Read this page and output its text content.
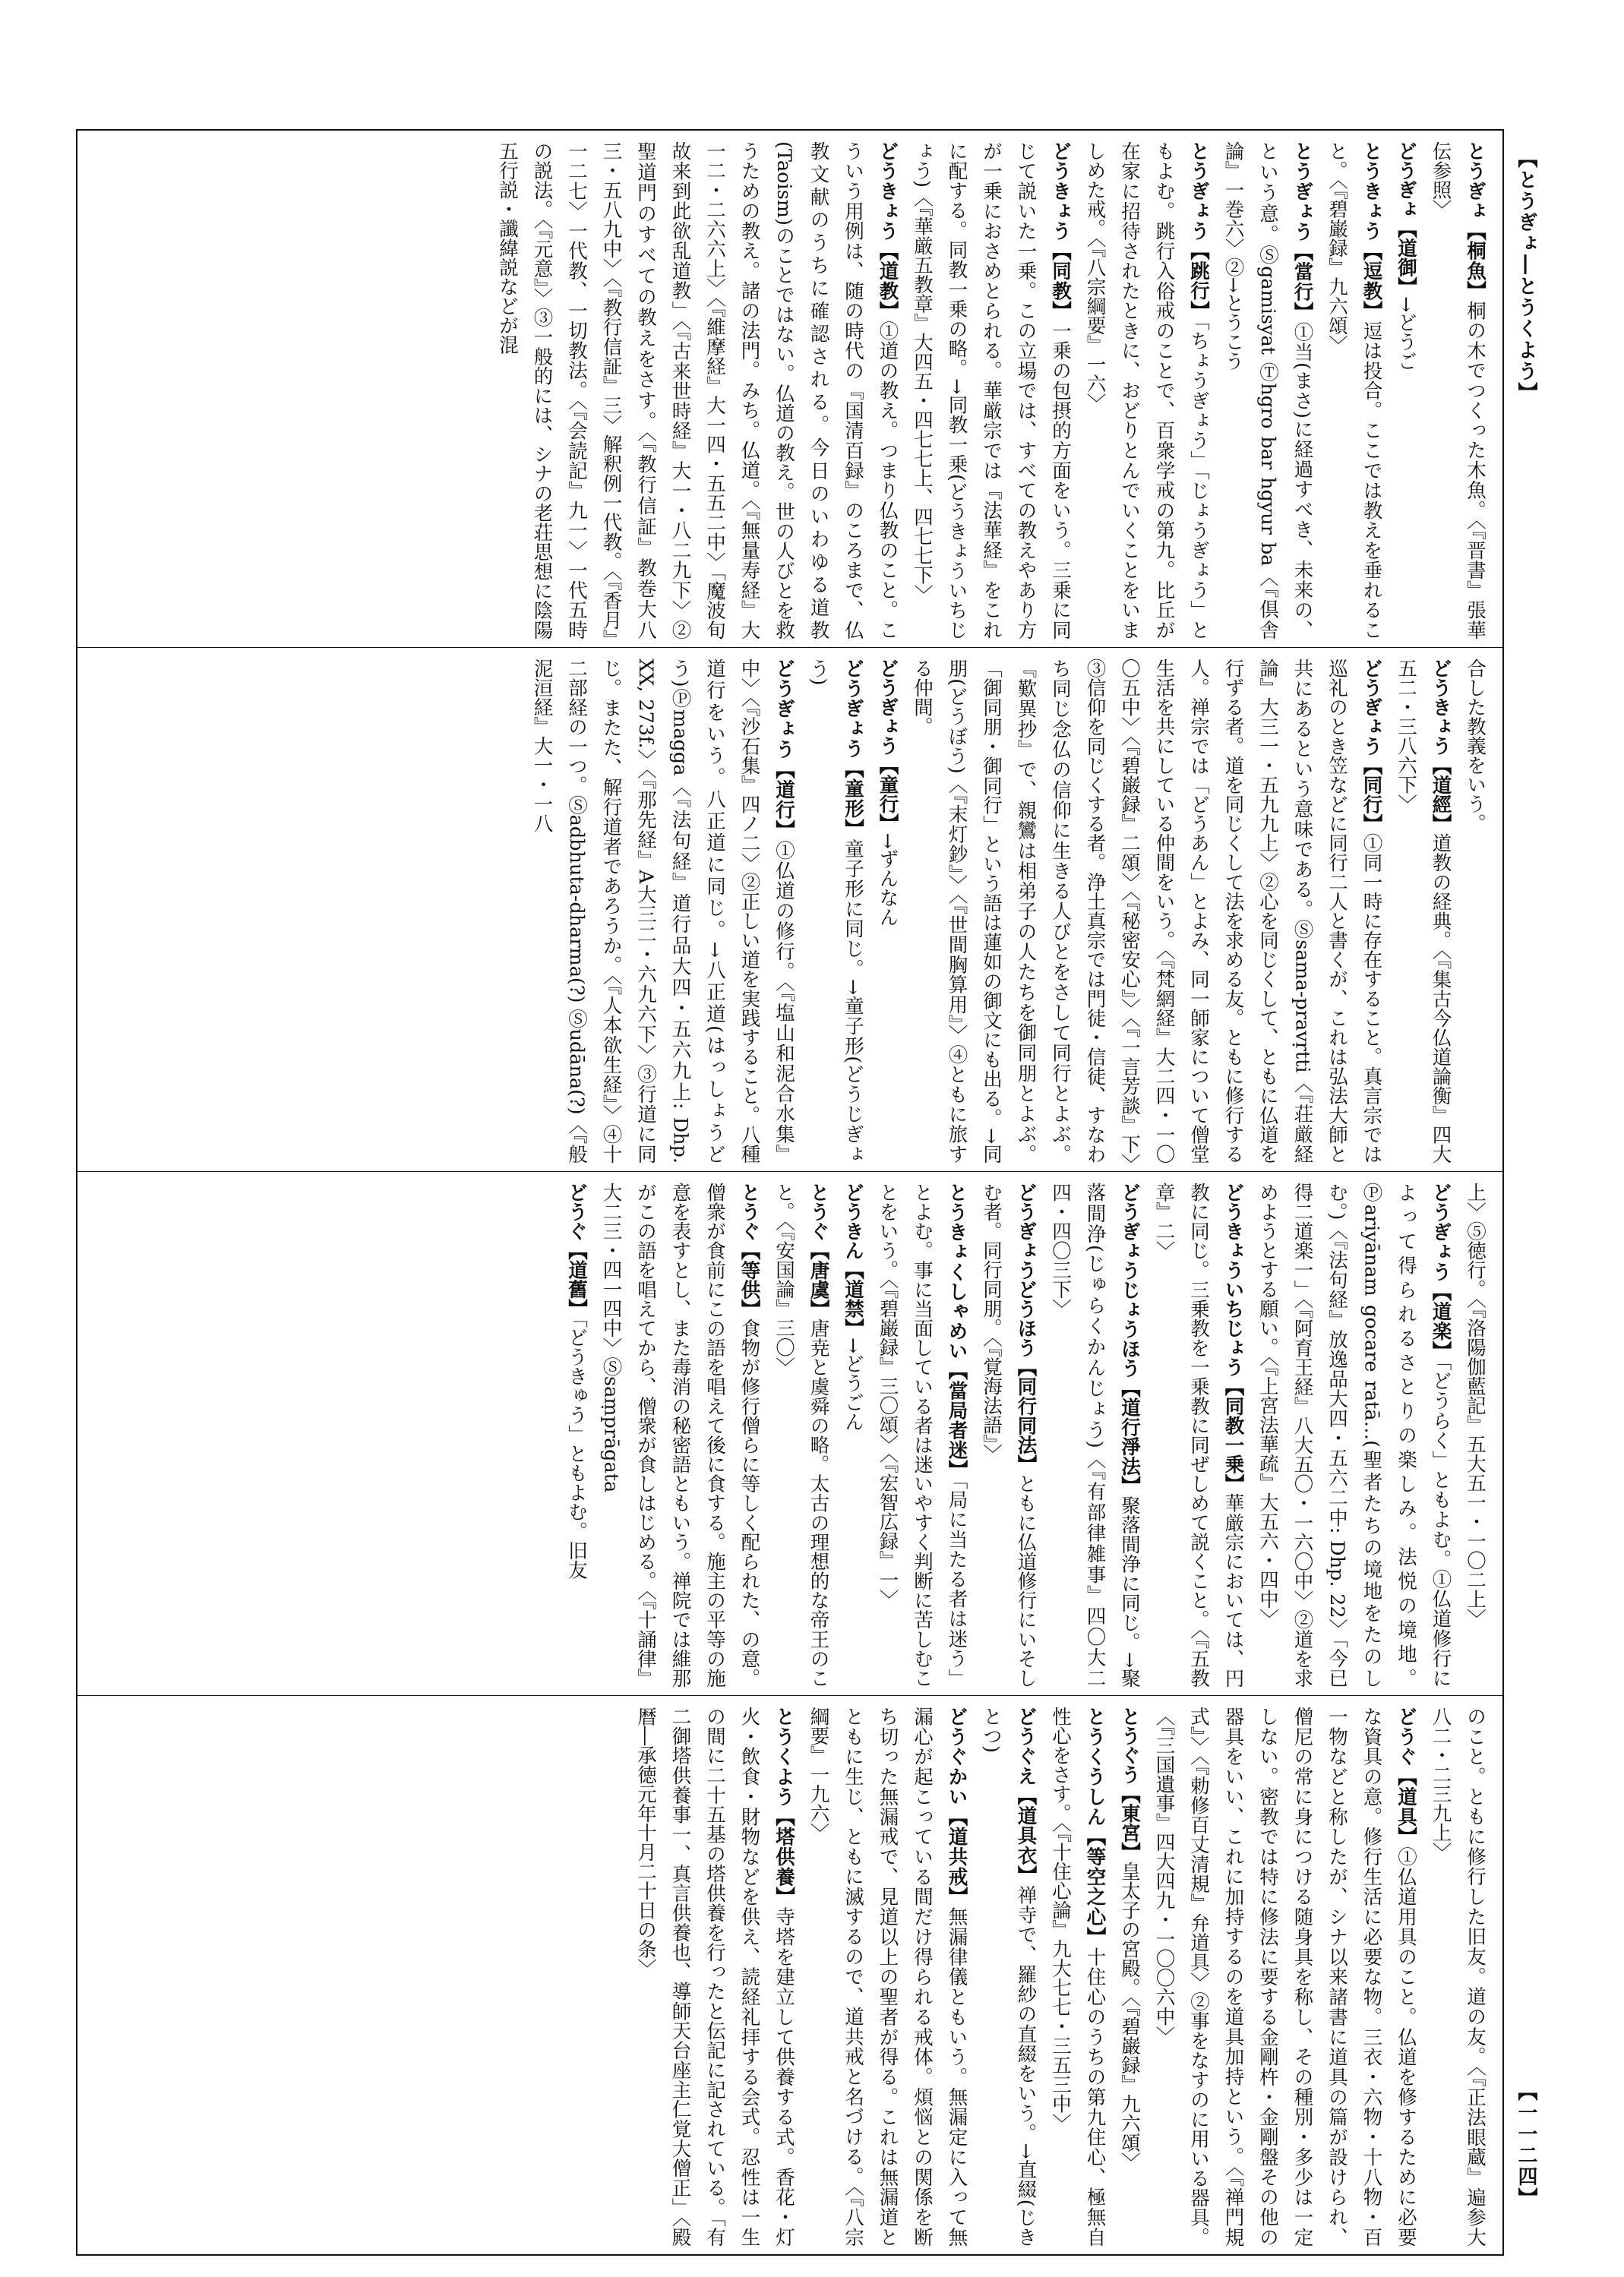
【とうぎょ―とうくよう】
【一一二四】
とうぎょ【桐魚】桐の木でつくった木魚。〈『晋書』張華伝参照〉
どうぎょ【道御】→どうご
とうきょう【逗教】逗は投合。ここでは教えを垂れること。〈『碧巌録』九六頌〉
とうぎょう【當行】①当(まさ)に経過すべき、未来の、という意。Ⓢgamisyat Ⓣhgro bar hgyur ba〈『倶舎論』一巻六〉②→とうこう
とうぎょう【跳行】「ちょうぎょう」「じょうぎょう」ともよむ。跳行入俗戒のことで、百衆学戒の第九。比丘が在家に招待されたときに、おどりとんでいくことをいましめた戒。〈『八宗綱要』一六〉
どうきょう【同教】一乗の包摂的方面をいう。三乗に同じて説いた一乗。この立場では、すべての教えやあり方が一乗におさめとられる。華厳宗では『法華経』をこれに配する。同教一乗の略。→同教一乗(どうきょういちじょう)〈『華厳五教章』大四五・四七七上、四七七下〉
どうきょう【道教】①道の教え。つまり仏教のこと。こういう用例は、随の時代の『国清百録』のころまで、仏教文献のうちに確認される。今日のいわゆる道教(Taoism)のことではない。仏道の教え。世の人びとを救うための教え。諸の法門。みち。仏道。〈『無量寿経』大一二・二六六上〉〈『維摩経』大一四・五五二中〉「魔波旬故来到此欲乱道教」〈『古来世時経』大一・八二九下〉②聖道門のすべての教えをさす。〈『教行信証』教巻大八三・五八九中〉〈『教行信証』三〉解釈例一代教。〈『香月』一二七〉一代教、一切教法。〈『会読記』九一〉一代五時の説法。〈『元意』〉③一般的には、シナの老荘思想に陰陽五行説・讖緯説などが混
合した教義をいう。
どうきょう【道經】道教の経典。〈『集古今仏道論衡』四大五二・三八六下〉
どうぎょう【同行】①同一時に存在すること。真言宗では巡礼のとき笠などに同行二人と書くが、これは弘法大師と共にあるという意味である。Ⓢsama-pravṛtti〈『荘厳経論』大三一・五九九上〉②心を同じくして、ともに仏道を行ずる者。道を同じくして法を求める友。ともに修行する人。禅宗では「どうあん」とよみ、同一師家について僧堂生活を共にしている仲間をいう。〈『梵網経』大二四・一〇〇五中〉〈『碧巌録』二頌〉〈『秘密安心』〉〈『一言芳談』下〉③信仰を同じくする者。浄土真宗では門徒・信徒、すなわち同じ念仏の信仰に生きる人びとをさして同行とよぶ。『歎異抄』で、親鸞は相弟子の人たちを御同朋とよぶ。「御同朋・御同行」という語は蓮如の御文にも出る。→同朋(どうぼう)〈『末灯鈔』〉〈『世間胸算用』〉④ともに旅する仲間。
どうぎょう【童行】→ずんなん
どうぎょう【童形】童子形に同じ。→童子形(どうじぎょう)
どうぎょう【道行】①仏道の修行。〈『塩山和泥合水集』中〉〈『沙石集』四ノ二〉②正しい道を実践すること。八種道行をいう。八正道に同じ。→八正道(はっしょうどう)Ⓟmagga〈『法句経』道行品大四・五六九上: Dhp. XX, 273f.〉〈『那先経』A大三二・六九六下〉③行道に同じ。またた、解行道者であろうか。〈『人本欲生経』〉④十二部経の一つ。Ⓢadbhuta-dharma(?) Ⓢudāna(?)〈『般泥洹経』大一・一八
上〉⑤徳行。〈『洛陽伽藍記』五大五一・一〇二上〉
どうぎょう【道楽】「どうらく」ともよむ。①仏道修行によって得られるさとりの楽しみ。法悦の境地。Ⓟariyānam gocare ratā…(聖者たちの境地をたのしむ。)〈『法句経』放逸品大四・五六二中: Dhp. 22〉「今已得二道楽一」〈『阿育王経』八大五〇・一六〇中〉②道を求めようとする願い。〈『上宮法華疏』大五六・四中〉
どうきょういちじょう【同教一乗】華厳宗においては、円教に同じ。三乗教を一乗教に同ぜしめて説くこと。〈『五教章』二〉
どうぎょうじょうほう【道行淨法】聚落間浄に同じ。→聚落間浄(じゅらくかんじょう)〈『有部律雑事』四〇大二四・四〇三下〉
どうぎょうどうほう【同行同法】ともに仏道修行にいそしむ者。同行同朋。〈『覚海法語』〉
とうきょくしゃめい【當局者迷】「局に当たる者は迷う」とよむ。事に当面している者は迷いやすく判断に苦しむことをいう。〈『碧巌録』三〇頌〉〈『宏智広録』一〉
どうきん【道禁】→どうごん
とうぐ【唐虞】唐尭と虞舜の略。太古の理想的な帝王のこと。〈『安国論』三〇〉
とうぐ【等供】食物が修行僧らに等しく配られた、の意。僧衆が食前にこの語を唱えて後に食する。施主の平等の施意を表すとし、また毒消の秘密語ともいう。禅院では維那がこの語を唱えてから、僧衆が食しはじめる。〈『十誦律』大二三・四一四中〉Ⓢsaṃprāgata
どうぐ【道舊】「どうきゅう」ともよむ。旧友
のこと。ともに修行した旧友。道の友。〈『正法眼蔵』遍参大八二・二三九上〉
どうぐ【道具】①仏道用具のこと。仏道を修するために必要な資具の意。修行生活に必要な物。三衣・六物・十八物・百一物などと称したが、シナ以来諸書に道具の篇が設けられ、僧尼の常に身につける随身具を称し、その種別・多少は一定しない。密教では特に修法に要する金剛杵・金剛盤その他の器具をいい、これに加持するのを道具加持という。〈『禅門規式』〉〈『勅修百丈清規』弁道具〉②事をなすのに用いる器具。〈『三国遺事』四大四九・一〇〇六中〉
とうぐう【東宮】皇太子の宮殿。〈『碧巌録』九六頌〉
とうくうしん【等空之心】十住心のうちの第九住心、極無自性心をさす。〈『十住心論』九大七七・三五三中〉
どうぐえ【道具衣】禅寺で、羅紗の直綴をいう。→直綴(じきとつ)
どうぐかい【道共戒】無漏律儀ともいう。無漏定に入って無漏心が起こっている間だけ得られる戒体。煩悩との関係を断ち切った無漏戒で、見道以上の聖者が得る。これは無漏道とともに生じ、ともに滅するので、道共戒と名づける。〈『八宗綱要』一九六〉
とうくよう【塔供養】寺塔を建立して供養する式。香花・灯火・飲食・財物などを供え、読経礼拝する会式。忍性は一生の間に二十五基の塔供養を行ったと伝記に記されている。「有二御塔供養事一、真言供養也、導師天台座主仁覚大僧正」〈殿暦―承徳元年十月二十日の条〉
